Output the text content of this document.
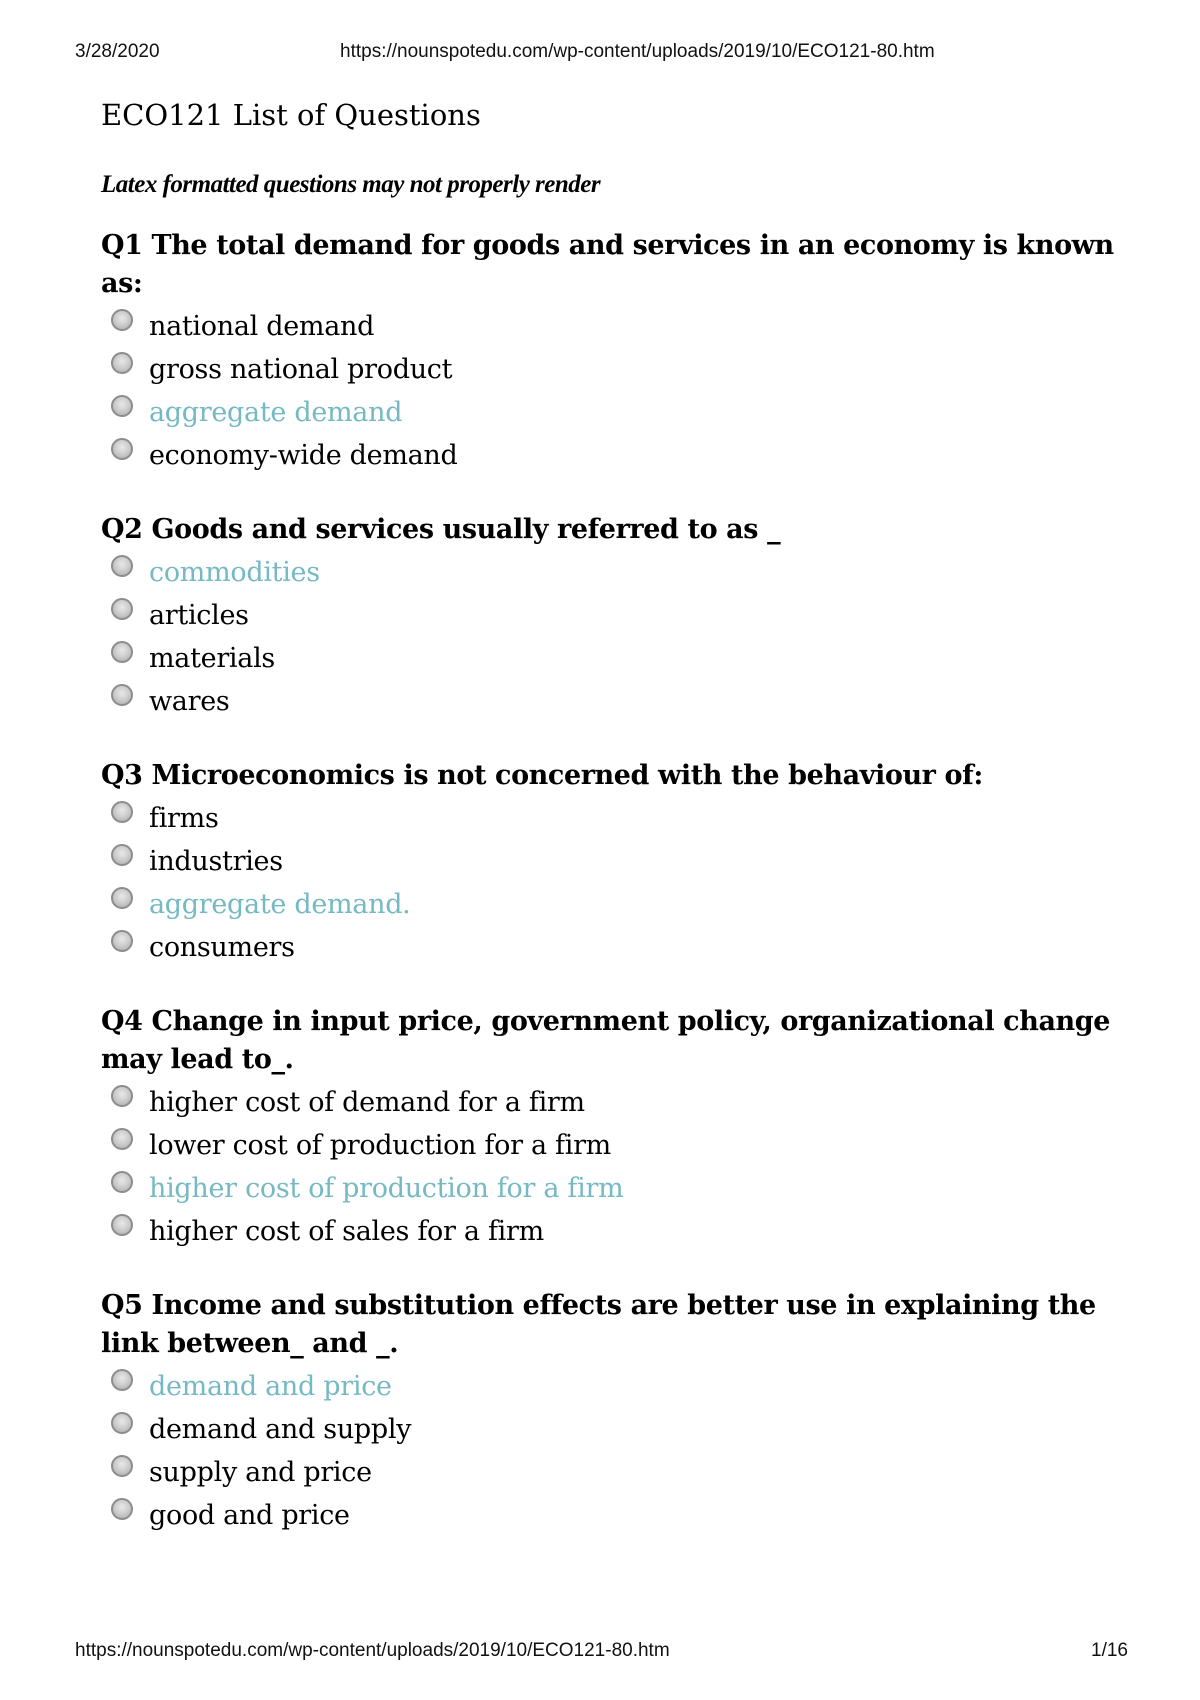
3/28/2020	https://nounspotedu.com/wp-content/uploads/2019/10/ECO121-80.htm
ECO121 List of Questions
Latex formatted questions may not properly render
Q1 The total demand for goods and services in an economy is known as:
national demand
gross national product
aggregate demand
economy-wide demand
Q2 Goods and services usually referred to as _
commodities
articles
materials
wares
Q3 Microeconomics is not concerned with the behaviour of:
firms
industries
aggregate demand.
consumers
Q4 Change in input price, government policy, organizational change may lead to_.
higher cost of demand for a firm
lower cost of production for a firm
higher cost of production for a firm
higher cost of sales for a firm
Q5 Income and substitution effects are better use in explaining the link between_ and _.
demand and price
demand and supply
supply and price
good and price
https://nounspotedu.com/wp-content/uploads/2019/10/ECO121-80.htm	1/16
